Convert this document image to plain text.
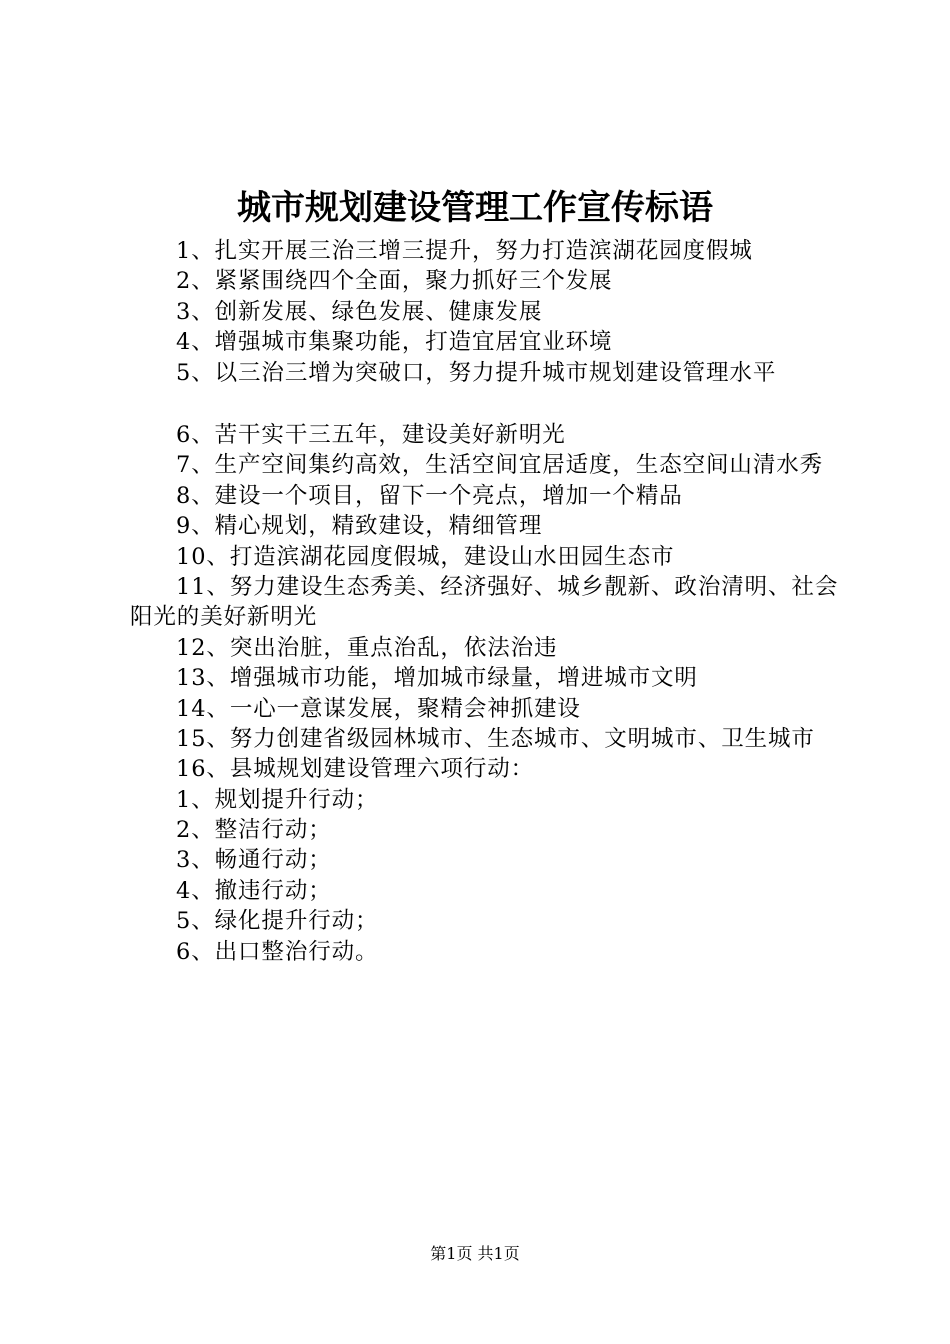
城市规划建设管理工作宣传标语
1、扎实开展三治三增三提升，努力打造滨湖花园度假城
2、紧紧围绕四个全面，聚力抓好三个发展
3、创新发展、绿色发展、健康发展
4、增强城市集聚功能，打造宜居宜业环境
5、以三治三增为突破口，努力提升城市规划建设管理水平
6、苦干实干三五年，建设美好新明光
7、生产空间集约高效，生活空间宜居适度，生态空间山清水秀
8、建设一个项目，留下一个亮点，增加一个精品
9、精心规划，精致建设，精细管理
10、打造滨湖花园度假城，建设山水田园生态市
11、努力建设生态秀美、经济强好、城乡靓新、政治清明、社会阳光的美好新明光
12、突出治脏，重点治乱，依法治违
13、增强城市功能，增加城市绿量，增进城市文明
14、一心一意谋发展，聚精会神抓建设
15、努力创建省级园林城市、生态城市、文明城市、卫生城市
16、县城规划建设管理六项行动：
1、规划提升行动；
2、整洁行动；
3、畅通行动；
4、撤违行动；
5、绿化提升行动；
6、出口整治行动。
第1页 共1页
